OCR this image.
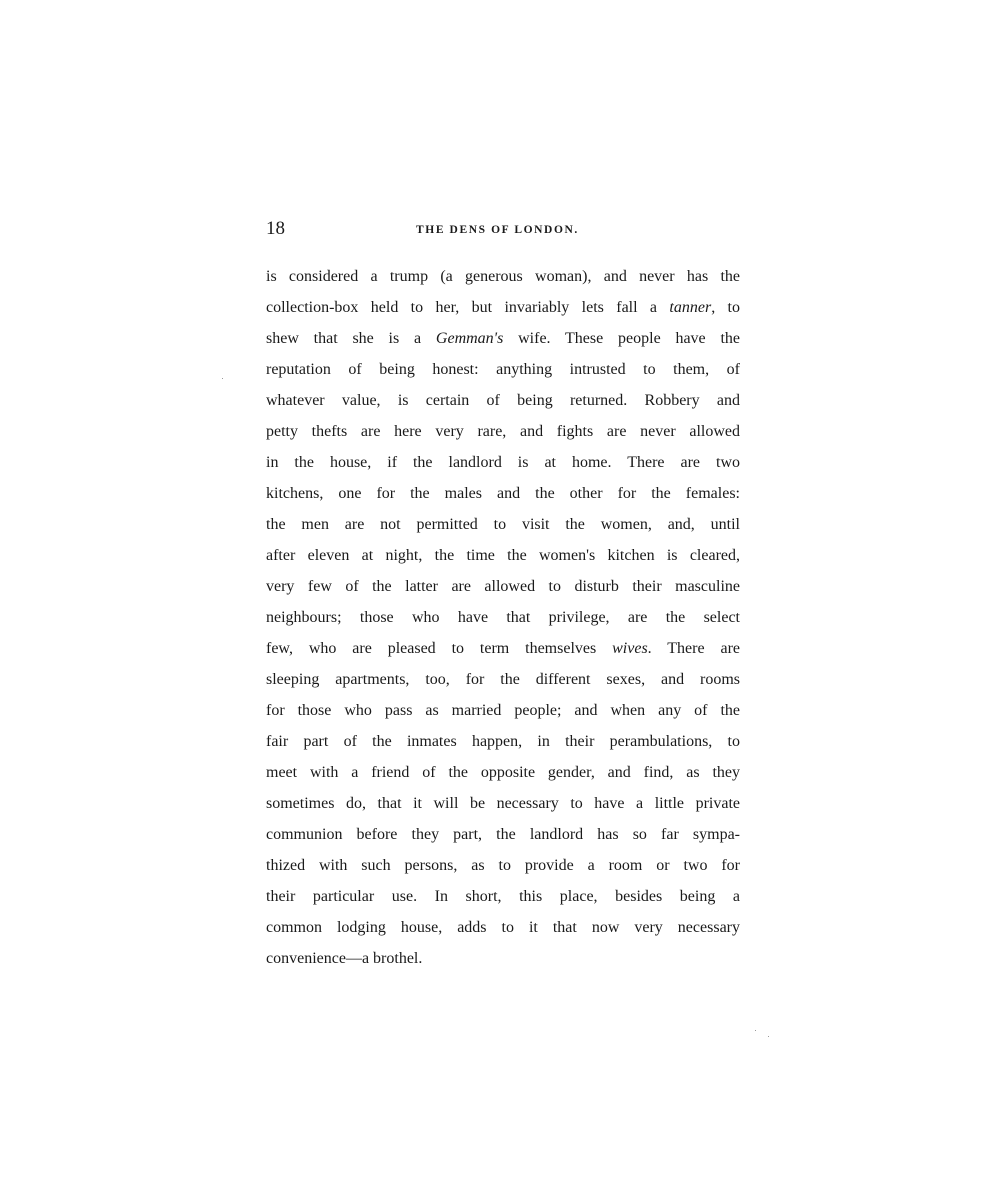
18	THE DENS OF LONDON.
is considered a trump (a generous woman), and never has the
collection-box held to her, but invariably lets fall a tanner, to
shew that she is a Gemman's wife. These people have the
reputation of being honest: anything intrusted to them, of
whatever value, is certain of being returned. Robbery and
petty thefts are here very rare, and fights are never allowed
in the house, if the landlord is at home. There are two
kitchens, one for the males and the other for the females:
the men are not permitted to visit the women, and, until
after eleven at night, the time the women's kitchen is cleared,
very few of the latter are allowed to disturb their masculine
neighbours; those who have that privilege, are the select
few, who are pleased to term themselves wives. There are
sleeping apartments, too, for the different sexes, and rooms
for those who pass as married people; and when any of the
fair part of the inmates happen, in their perambulations, to
meet with a friend of the opposite gender, and find, as they
sometimes do, that it will be necessary to have a little private
communion before they part, the landlord has so far sympa-
thized with such persons, as to provide a room or two for
their particular use. In short, this place, besides being a
common lodging house, adds to it that now very necessary
convenience—a brothel.
